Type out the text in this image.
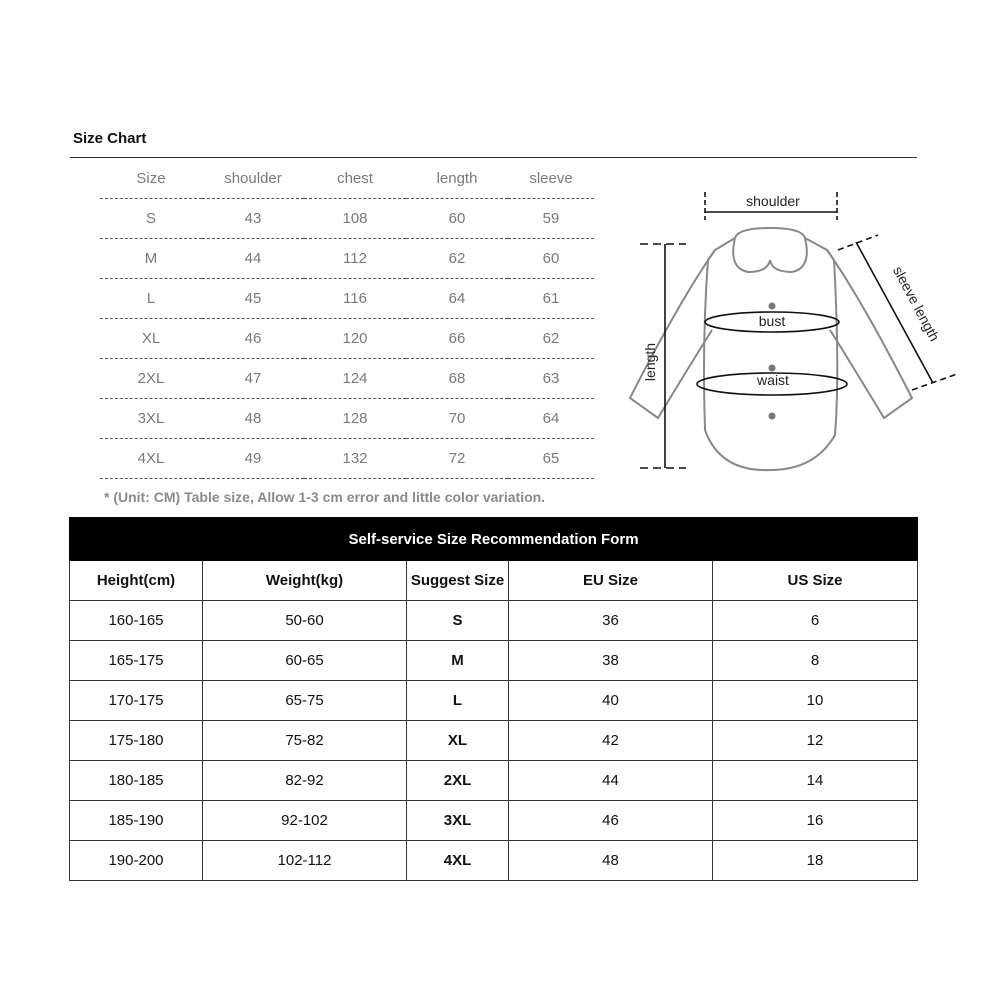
Size Chart
Size	shoulder	chest	length	sleeve
S	43	108	60	59
M	44	112	62	60
L	45	116	64	61
XL	46	120	66	62
2XL	47	124	68	63
3XL	48	128	70	64
4XL	49	132	72	65
* (Unit: CM) Table size, Allow 1-3 cm error and little color variation.
shoulder
length
sleeve length
bust
waist
Self-service Size Recommendation Form				
Height(cm)	Weight(kg)	Suggest Size	EU Size	US Size
160-165	50-60	S	36	6
165-175	60-65	M	38	8
170-175	65-75	L	40	10
175-180	75-82	XL	42	12
180-185	82-92	2XL	44	14
185-190	92-102	3XL	46	16
190-200	102-112	4XL	48	18
